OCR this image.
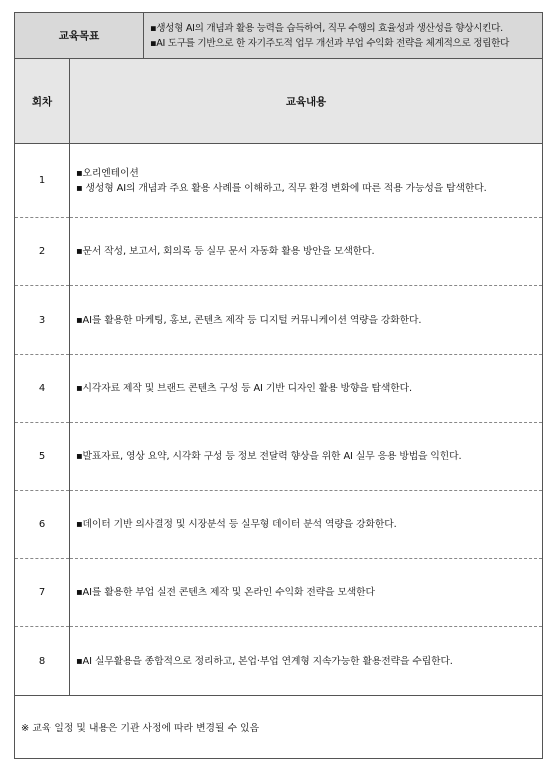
교육목표	
▪생성형 AI의 개념과 활용 능력을 습득하여, 직무 수행의 효율성과 생산성을 향상시킨다.
▪AI 도구를 기반으로 한 자기주도적 업무 개선과 부업 수익화 전략을 체계적으로 정립한다
회차	교육내용
1	▪오리엔테이션
▪ 생성형 AI의 개념과 주요 활용 사례를 이해하고, 직무 환경 변화에 따른 적용 가능성을 탐색한다.

2	▪문서 작성, 보고서, 회의록 등 실무 문서 자동화 활용 방안을 모색한다.

3	▪AI를 활용한 마케팅, 홍보, 콘텐츠 제작 등 디지털 커뮤니케이션 역량을 강화한다.

4	▪시각자료 제작 및 브랜드 콘텐츠 구성 등 AI 기반 디자인 활용 방향을 탐색한다.

5	▪발표자료, 영상 요약, 시각화 구성 등 정보 전달력 향상을 위한 AI 실무 응용 방법을 익힌다.

6	▪데이터 기반 의사결정 및 시장분석 등 실무형 데이터 분석 역량을 강화한다.

7	▪AI를 활용한 부업 실전 콘텐츠 제작 및 온라인 수익화 전략을 모색한다

8	▪AI 실무활용을 종합적으로 정리하고, 본업·부업 연계형 지속가능한 활용전략을 수립한다.

※ 교육 일정 및 내용은 기관 사정에 따라 변경될 수 있음	
